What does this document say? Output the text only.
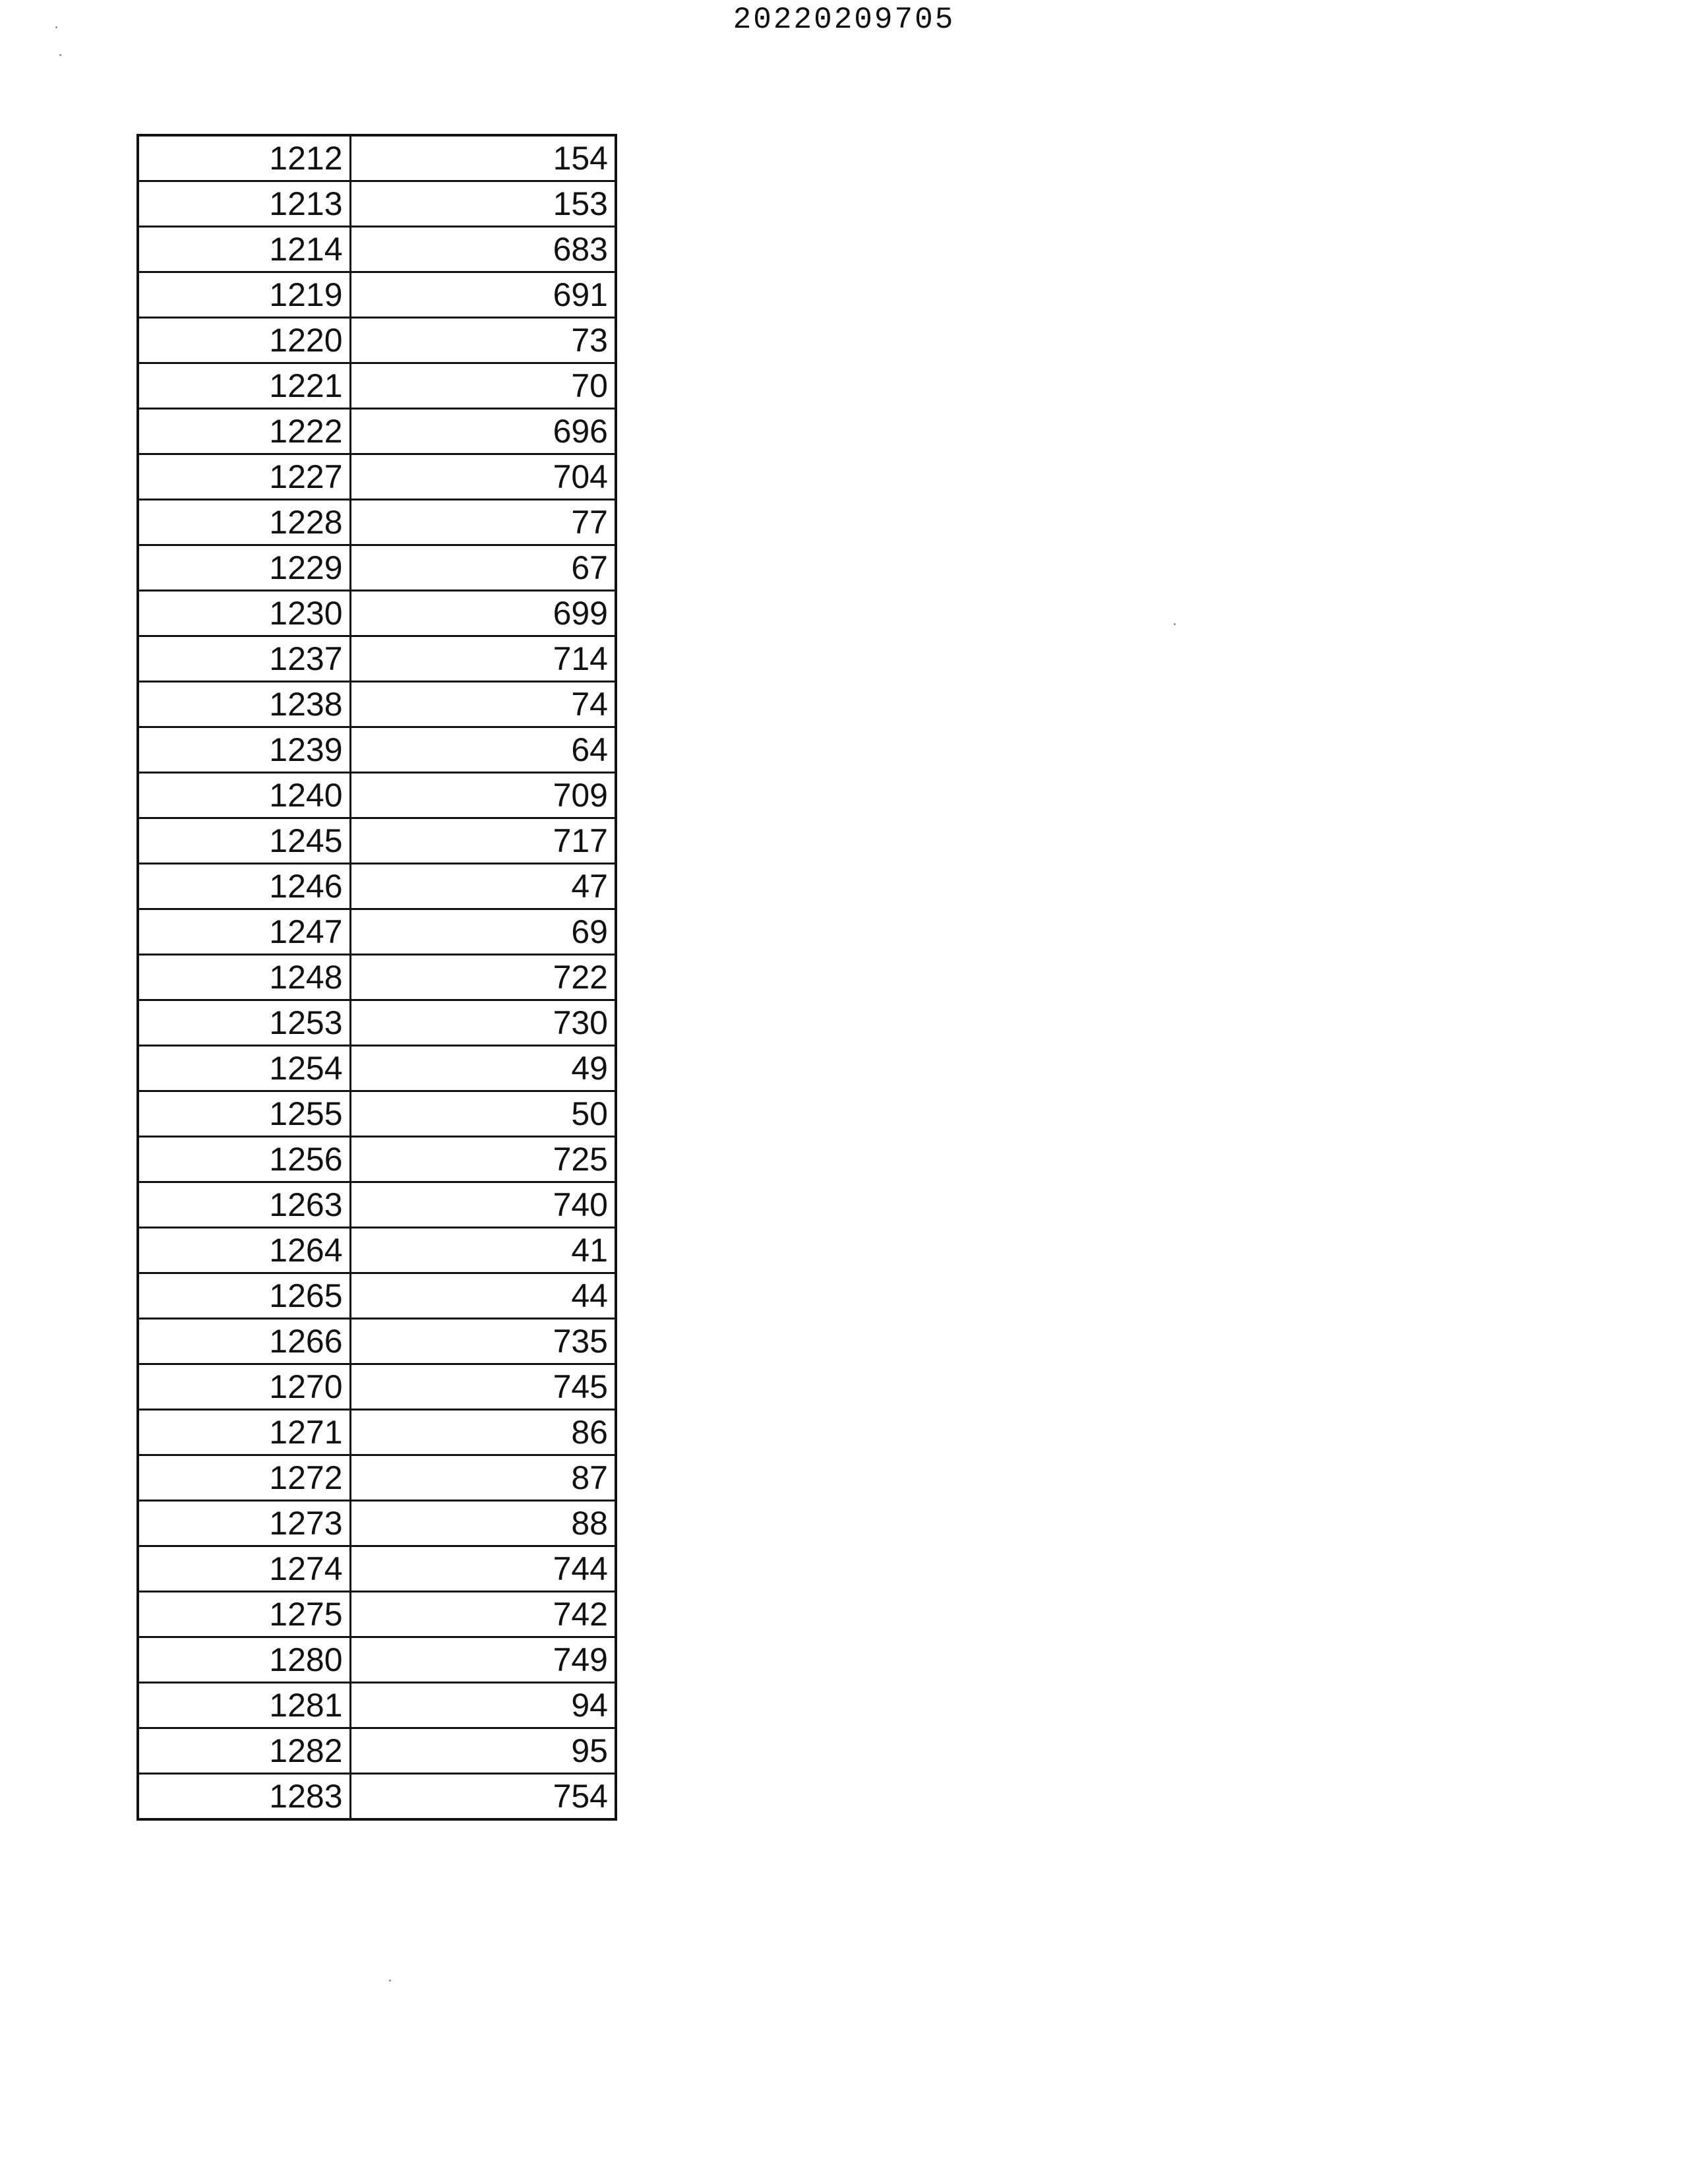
20220209705
1212	154
1213	153
1214	683
1219	691
1220	73
1221	70
1222	696
1227	704
1228	77
1229	67
1230	699
1237	714
1238	74
1239	64
1240	709
1245	717
1246	47
1247	69
1248	722
1253	730
1254	49
1255	50
1256	725
1263	740
1264	41
1265	44
1266	735
1270	745
1271	86
1272	87
1273	88
1274	744
1275	742
1280	749
1281	94
1282	95
1283	754
